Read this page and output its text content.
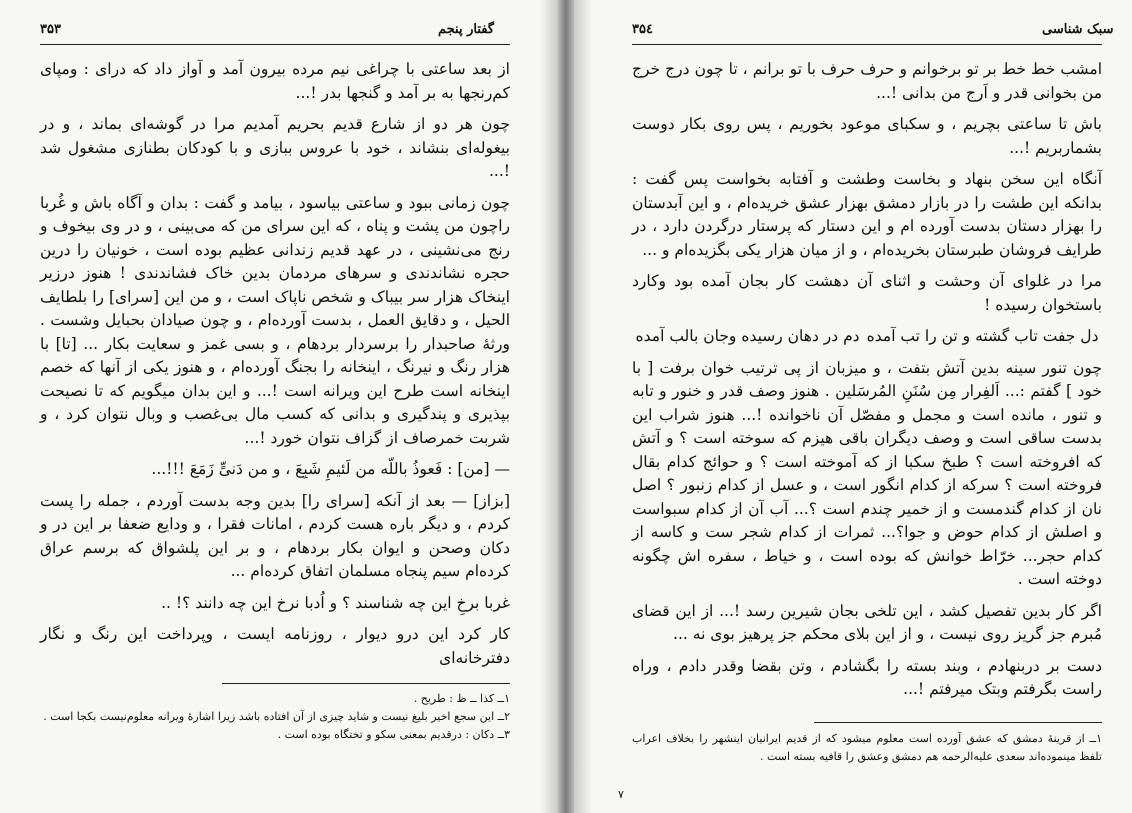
گفتار پنجم
۳۵۳

از بعد ساعتی با چراغی نیم مرده بیرون آمد و آواز داد که درای : ومپای کم‌رنجها به بر آمد و گنجها بدر !...

چون هر دو از شارع قدیم بحریم آمدیم مرا در گوشه‌ای بماند ، و در بیغوله‌ای بنشاند ، خود با عروس ببازی و با کودکان بطنازی مشغول شد !...

چون زمانی ببود و ساعتی بیاسود ، بیامد و گفت : بدان و آگاه باش و غُربا راچون من پشت و پناه ، که این سرای من که می‌بینی ، و در وی بیخوف و رنج می‌نشینی ، در عهد قدیم زندانی عظیم بوده است ، خونیان را درین حجره نشاندندی و سرهای مردمان بدین خاک فشاندندی ! هنوز درزیر اینخاک هزار سر بیباک و شخص ناپاک است ، و من این [سرای] را بلطایف الحیل ، و دقایق العمل ، بدست آورده‌ام ، و چون صیادان بحبایل وشست . ورثهٔ صاحبدار را برسردار بردهام ، و بسی غمز و سعایت بکار ... [تا] با هزار رنگ و نیرنگ ، اینخانه را بجنگ آورده‌ام ، و هنوز یکی از آنها که خصم اینخانه است طرح این ویرانه است !... و این بدان میگویم که تا نصیحت بپذیری و پندگیری و بدانی که کسب مال بی‌غصب و وبال نتوان کرد ، و شربت خمرصاف از گزاف نتوان خورد !...

— [من] : فَعوذُ باللّه من لَئیمِ شَبِعَ ، و من دَنیٍّ زَمَعَ !!!...

[بزاز] — بعد از آنکه [سرای را] بدین وجه بدست آوردم ، جمله را پست کردم ، و دیگر باره هست کردم ، امانات فقرا ، و ودایع ضعفا بر این در و دکان وصحن و ایوان بکار بردهام ، و بر این پلشواق که برسم عراق کرده‌ام سیم پنجاه مسلمان اتفاق کرده‌ام ...

غربا برخِ این چه شناسند ؟ و اُدبا نرخ این چه دانند ؟! ..

کار کرد این درو دیوار ، روزنامه ایست ، وپرداخت این رنگ و نگار دفترخانه‌ای

۱ــ کذا ــ ظ : طریح .
۲ــ این سجع اخیر بلیغ نیست و شاید چیزی از آن افتاده باشد زیرا اشارهٔ ویرانه معلوم‌نیست بکجا است .
۳ــ دکان : درقدیم بمعنی سکو و تختگاه بوده است .
سبک شناسی
۳۵٤

امشب خط خط بر تو برخوانم و حرف حرف با تو برانم ، تا چون درج خرج من بخوانی قدر و اَرج من بدانی !...

باش تا ساعتی بچریم ، و سکبای موعود بخوریم ، پس روی بکار دوست بشماربریم !...

آنگاه این سخن بنهاد و بخاست وطشت و آفتابه بخواست پس گفت : بدانکه این طشت را در بازار دمشق بهزار عشق خریده‌ام ، و این آبدستان را بهزار دستان بدست آورده ام و این دستار که پرستار درگردن دارد ، در طرایف فروشان طبرستان بخریده‌ام ، و از میان هزار یکی بگزیده‌ام و ...

مرا در غلوای آن وحشت و اثنای آن دهشت کار بجان آمده بود وکارد باستخوان رسیده !

دل جفت تاب گشته و تن را تب آمده
دم در دهان رسیده وجان بالب آمده

چون تنور سینه بدین آتش بتفت ، و میزبان از پی ترتیب خوان برفت [ با خود ] گفتم :... اَلفِرار مِن سُنَنِ المُرسَلین . هنوز وصف قدر و خنور و تابه و تنور ، مانده است و مجمل و مفصّل آن ناخوانده !... هنوز شراب این بدست ساقی است و وصف دیگران باقی هیزم که سوخته است ؟ و آتش که افروخته است ؟ طبخ سکبا از که آموخته است ؟ و حوائج کدام بقال فروخته است ؟ سرکه از کدام انگور است ، و عسل از کدام زنبور ؟ اصل نان از کدام گندمست و از خمیر چندم است ؟... آب آن از کدام سبواست و اصلش از کدام حوض و جوا؟... ثمرات از کدام شجر ست و کاسه از کدام حجر... خرّاط خوانش که بوده است ، و خیاط ، سفره اش چگونه دوخته است .

اگر کار بدین تفصیل کشد ، این تلخی بجان شیرین رسد !... از این قضای مُبرم جز گریز روی نیست ، و از این بلای محکم جز پرهیز بوی نه ...

دست بر دربنهادم ، وبند بسته را بگشادم ، وتن بقضا وقدر دادم ، وراه راست بگرفتم وبتک میرفتم !...

۱ــ از قرینهٔ دمشق که عشق آورده است معلوم میشود که از قدیم ایرانیان اینشهر را بخلاف اعراب تلفظ مینموده‌اند سعدی علیه‌الرحمه هم دمشق وعشق را قافیه بسته است .
٧
